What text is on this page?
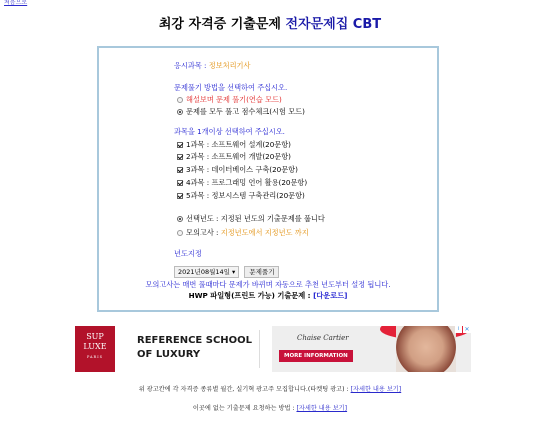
처음으로
최강 자격증 기출문제 전자문제집 CBT
응시과목 : 정보처리기사
문제풀기 방법을 선택하여 주십시오.
해설보며 문제 풀기(연습 모드)
문제를 모두 풀고 점수체크(시험 모드)
과목을 1개이상 선택하여 주십시오.
1과목 : 소프트웨어 설계(20문항)
2과목 : 소프트웨어 개발(20문항)
3과목 : 데이터베이스 구축(20문항)
4과목 : 프로그래밍 언어 활용(20문항)
5과목 : 정보시스템 구축관리(20문항)
선택년도 : 지정된 년도의 기출문제를 풉니다
모의고사 : 지정년도에서 지정년도 까지
년도지정
2021년08월14일 ▾ 문제풀기
모의고사는 매번 풀때마다 문제가 바뀌며 자동으로 추천 년도부터 설정 됩니다.
HWP 파일형(프린트 가능) 기출문제 : [다운로드]
SUP
LUXE
PARIS
REFERENCE SCHOOL
OF LUXURY
Chaise Cartier
MORE INFORMATION
i ✕
위 광고칸에 각 자격증 종류별 월간, 실기혁 광고주 모집합니다.(타켓팅 광고) : [자세한 내용 보기]
이곳에 없는 기출문제 요청하는 방법 : [자세한 내용 보기]
